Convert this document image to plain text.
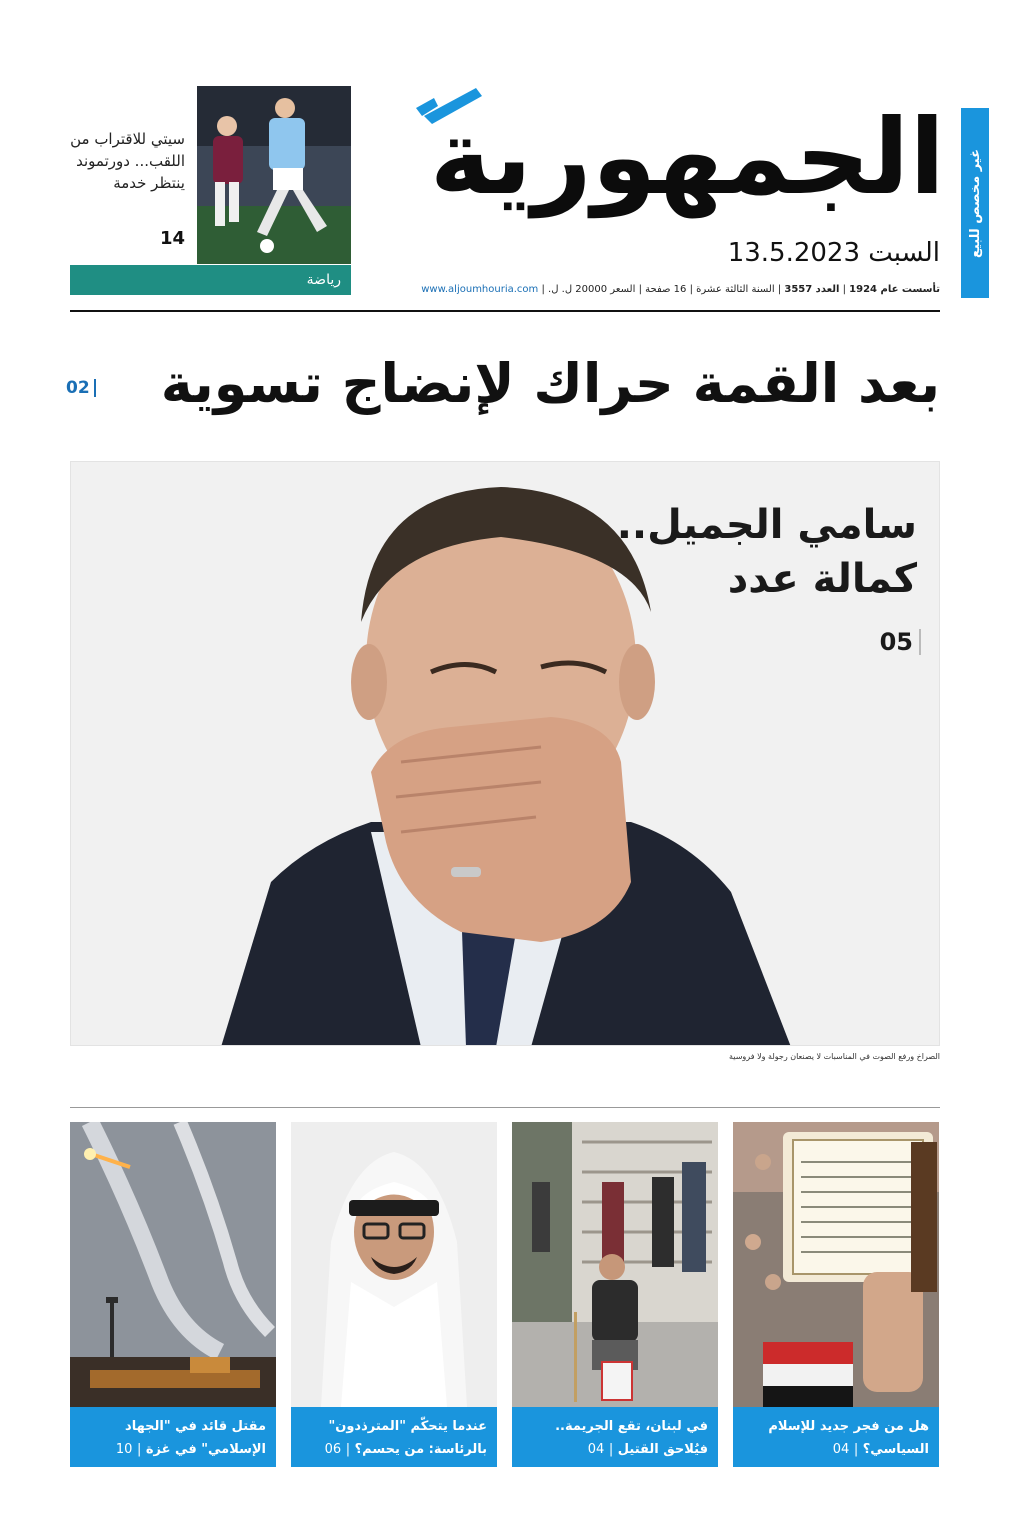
غير مخصص للبيع
الجمهورية
السبت 13.5.2023
تأسست عام 1924 | العدد 3557 | السنة الثالثة عشرة | 16 صفحة | السعر 20000 ل. ل. | www.aljoumhouria.com
سيتي للاقتراب من اللقب... دورتموند ينتظر خدمة
14
رياضة
بعد القمة حراك لإنضاج تسوية
02
سامي الجميل..
كمالة عدد
05
الصراخ ورفع الصوت في المناسبات لا يصنعان رجولة ولا فروسية
هل من فجر جديد للإسلام السياسي؟ | 04
في لبنان، تقع الجريمة.. فيُلاحق القتيل | 04
عندما يتحكّم "المترذدون" بالرئاسة: من يحسم؟ | 06
مقتل قائد في "الجهاد الإسلامي" في غزة | 10
